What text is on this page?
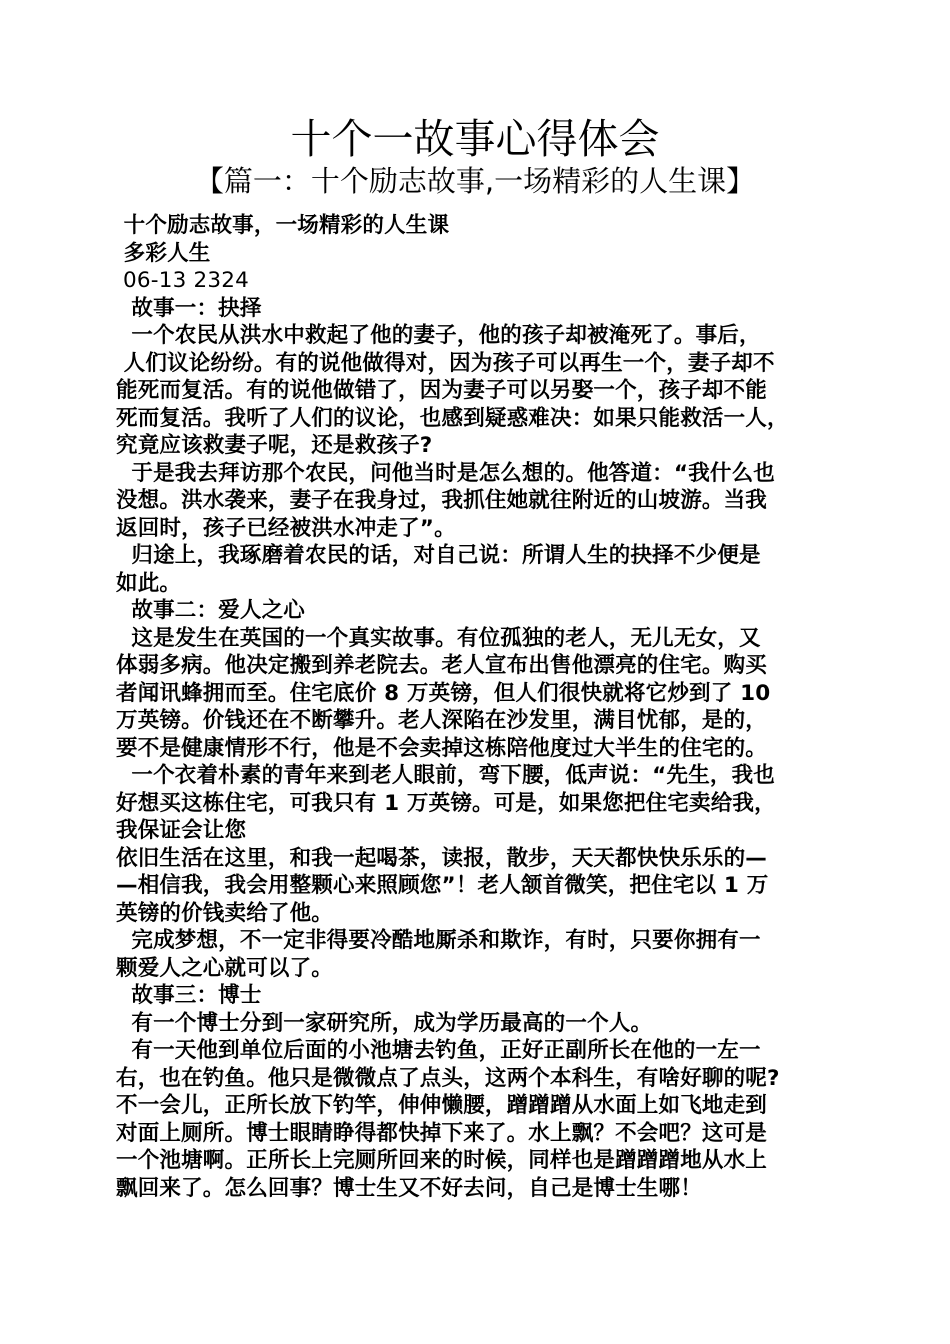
十个一故事心得体会
【篇一：十个励志故事,一场精彩的人生课】
十个励志故事，一场精彩的人生课
多彩人生
06-13 2324
故事一：抉择
一个农民从洪水中救起了他的妻子，他的孩子却被淹死了。事后，
人们议论纷纷。有的说他做得对，因为孩子可以再生一个，妻子却不
能死而复活。有的说他做错了，因为妻子可以另娶一个，孩子却不能
死而复活。我听了人们的议论，也感到疑惑难决：如果只能救活一人，
究竟应该救妻子呢，还是救孩子?
于是我去拜访那个农民，问他当时是怎么想的。他答道：“我什么也
没想。洪水袭来，妻子在我身过，我抓住她就往附近的山坡游。当我
返回时，孩子已经被洪水冲走了”。
归途上，我琢磨着农民的话，对自己说：所谓人生的抉择不少便是
如此。
故事二：爱人之心
这是发生在英国的一个真实故事。有位孤独的老人，无儿无女，又
体弱多病。他决定搬到养老院去。老人宣布出售他漂亮的住宅。购买
者闻讯蜂拥而至。住宅底价 8 万英镑，但人们很快就将它炒到了 10
万英镑。价钱还在不断攀升。老人深陷在沙发里，满目忧郁，是的，
要不是健康情形不行，他是不会卖掉这栋陪他度过大半生的住宅的。
一个衣着朴素的青年来到老人眼前，弯下腰，低声说：“先生，我也
好想买这栋住宅，可我只有 1 万英镑。可是，如果您把住宅卖给我，
我保证会让您
依旧生活在这里，和我一起喝茶，读报，散步，天天都快快乐乐的—
—相信我，我会用整颗心来照顾您”！老人颔首微笑，把住宅以 1 万
英镑的价钱卖给了他。
完成梦想，不一定非得要冷酷地厮杀和欺诈，有时，只要你拥有一
颗爱人之心就可以了。
故事三：博士
有一个博士分到一家研究所，成为学历最高的一个人。
有一天他到单位后面的小池塘去钓鱼，正好正副所长在他的一左一
右，也在钓鱼。他只是微微点了点头，这两个本科生，有啥好聊的呢?
不一会儿，正所长放下钓竿，伸伸懒腰，蹭蹭蹭从水面上如飞地走到
对面上厕所。博士眼睛睁得都快掉下来了。水上飘？不会吧？这可是
一个池塘啊。正所长上完厕所回来的时候，同样也是蹭蹭蹭地从水上
飘回来了。怎么回事？博士生又不好去问，自己是博士生哪！
